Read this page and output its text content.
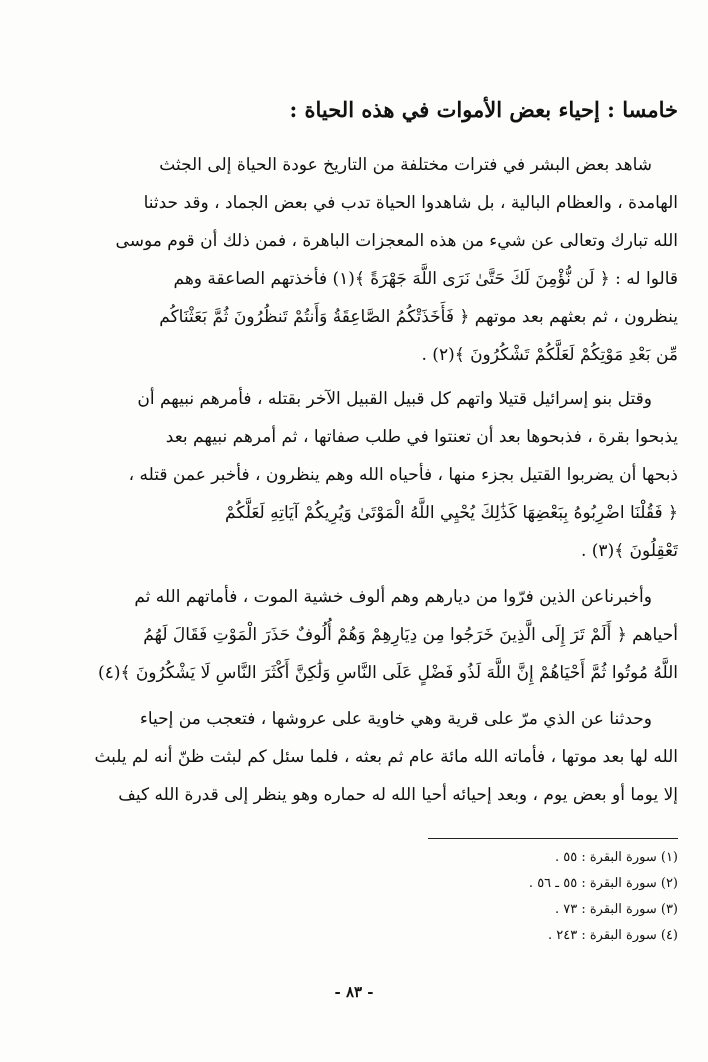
خامسا : إحياء بعض الأموات في هذه الحياة :

شاهد بعض البشر في فترات مختلفة من التاريخ عودة الحياة إلى الجثث
الهامدة ، والعظام البالية ، بل شاهدوا الحياة تدب في بعض الجماد ، وقد حدثنا
الله تبارك وتعالى عن شيء من هذه المعجزات الباهرة ، فمن ذلك أن قوم موسى
قالوا له : ﴿ لَن نُّؤْمِنَ لَكَ حَتَّىٰ نَرَى اللَّهَ جَهْرَةً ﴾(١) فأخذتهم الصاعقة وهم
ينظرون ، ثم بعثهم بعد موتهم ﴿ فَأَخَذَتْكُمُ الصَّاعِقَةُ وَأَنتُمْ تَنظُرُونَ ثُمَّ بَعَثْنَاكُم
مِّن بَعْدِ مَوْتِكُمْ لَعَلَّكُمْ تَشْكُرُونَ ﴾(٢) .

وقتل بنو إسرائيل قتيلا واتهم كل قبيل القبيل الآخر بقتله ، فأمرهم نبيهم أن
يذبحوا بقرة ، فذبحوها بعد أن تعنتوا في طلب صفاتها ، ثم أمرهم نبيهم بعد
ذبحها أن يضربوا القتيل بجزء منها ، فأحياه الله وهم ينظرون ، فأخبر عمن قتله ،
﴿ فَقُلْنَا اضْرِبُوهُ بِبَعْضِهَا كَذَٰلِكَ يُحْيِي اللَّهُ الْمَوْتَىٰ وَيُرِيكُمْ آيَاتِهِ لَعَلَّكُمْ
تَعْقِلُونَ ﴾(٣) .

وأخبرناعن الذين فرّوا من ديارهم وهم ألوف خشية الموت ، فأماتهم الله ثم
أحياهم ﴿ أَلَمْ تَرَ إِلَى الَّذِينَ خَرَجُوا مِن دِيَارِهِمْ وَهُمْ أُلُوفٌ حَذَرَ الْمَوْتِ فَقَالَ لَهُمُ
اللَّهُ مُوتُوا ثُمَّ أَحْيَاهُمْ إِنَّ اللَّهَ لَذُو فَضْلٍ عَلَى النَّاسِ وَلَٰكِنَّ أَكْثَرَ النَّاسِ لَا يَشْكُرُونَ ﴾(٤)

وحدثنا عن الذي مرّ على قرية وهي خاوية على عروشها ، فتعجب من إحياء
الله لها بعد موتها ، فأماته الله مائة عام ثم بعثه ، فلما سئل كم لبثت ظنّ أنه لم يلبث
إلا يوما أو بعض يوم ، وبعد إحيائه أحيا الله له حماره وهو ينظر إلى قدرة الله كيف

(١) سورة البقرة : ٥٥ .
(٢) سورة البقرة : ٥٥ ـ ٥٦ .
(٣) سورة البقرة : ٧٣ .
(٤) سورة البقرة : ٢٤٣ .
- ٨٣ -
